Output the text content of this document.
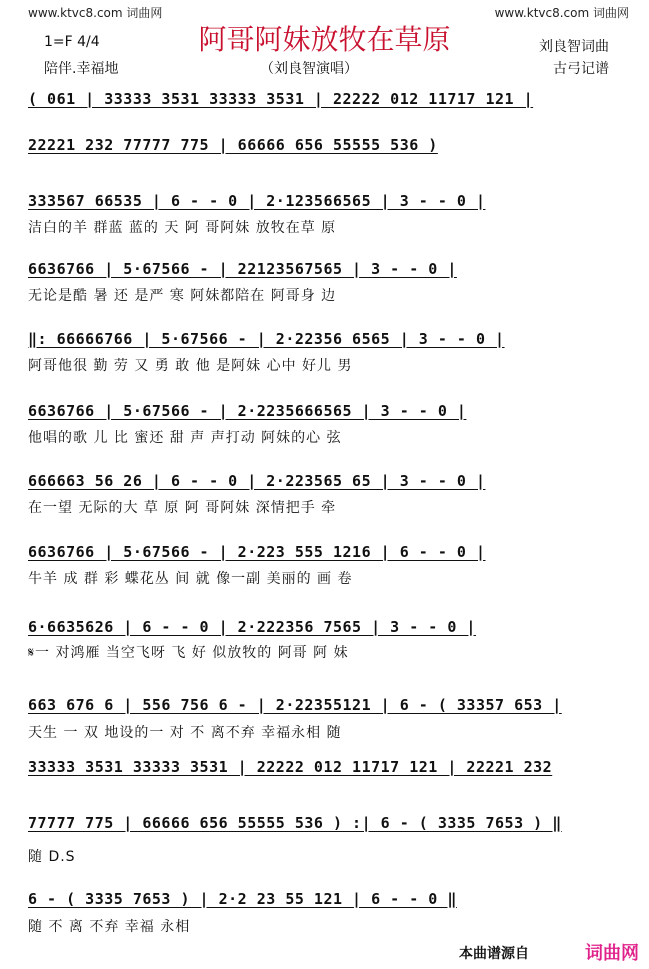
www.ktvc8.com 词曲网	www.ktvc8.com 词曲网
阿哥阿妹放牧在草原
1=F 4/4	刘良智词曲
陪伴.幸福地	（刘良智演唱）	古弓记谱
( 061 | 33333 3531 33333 3531 | 22222 012 11717 121 |
22221 232 77777 775 | 66666 656 55555 536 )
333567 66535 | 6 - - 0 | 2·123566565 | 3 - - 0 |
洁白的羊 群蓝 蓝的 天 阿 哥阿妹 放牧在草 原
6636766 | 5·67566 - | 22123567565 | 3 - - 0 |
无论是酷 暑 还 是严 寒 阿妹都陪在 阿哥身 边
‖: 66666766 | 5·67566 - | 2·22356 6565 | 3 - - 0 |
阿哥他很 勤 劳 又 勇 敢 他 是阿妹 心中 好儿 男
6636766 | 5·67566 - | 2·2235666565 | 3 - - 0 |
他唱的歌 儿 比 蜜还 甜 声 声打动 阿妹的心 弦
666663 56 26 | 6 - - 0 | 2·223565 65 | 3 - - 0 |
在一望 无际的大 草 原 阿 哥阿妹 深情把手 牵
6636766 | 5·67566 - | 2·223 555 1216 | 6 - - 0 |
牛羊 成 群 彩 蝶花丛 间 就 像一副 美丽的 画 卷
6·6635626 | 6 - - 0 | 2·222356 7565 | 3 - - 0 |
𝄋一 对鸿雁 当空飞呀 飞 好 似放牧的 阿哥 阿 妹
663 676 6 | 556 756 6 - | 2·22355121 | 6 - ( 33357 653 |
天生 一 双 地设的一 对 不 离不弃 幸福永相 随
33333 3531 33333 3531 | 22222 012 11717 121 | 22221 232
77777 775 | 66666 656 55555 536 ) :| 6 - ( 3335 7653 ) ‖
随 D.S
6 - ( 3335 7653 ) | 2·2 23 55 121 | 6 - - 0 ‖
随 不 离 不弃 幸福 永相
本曲谱源自	词曲网
